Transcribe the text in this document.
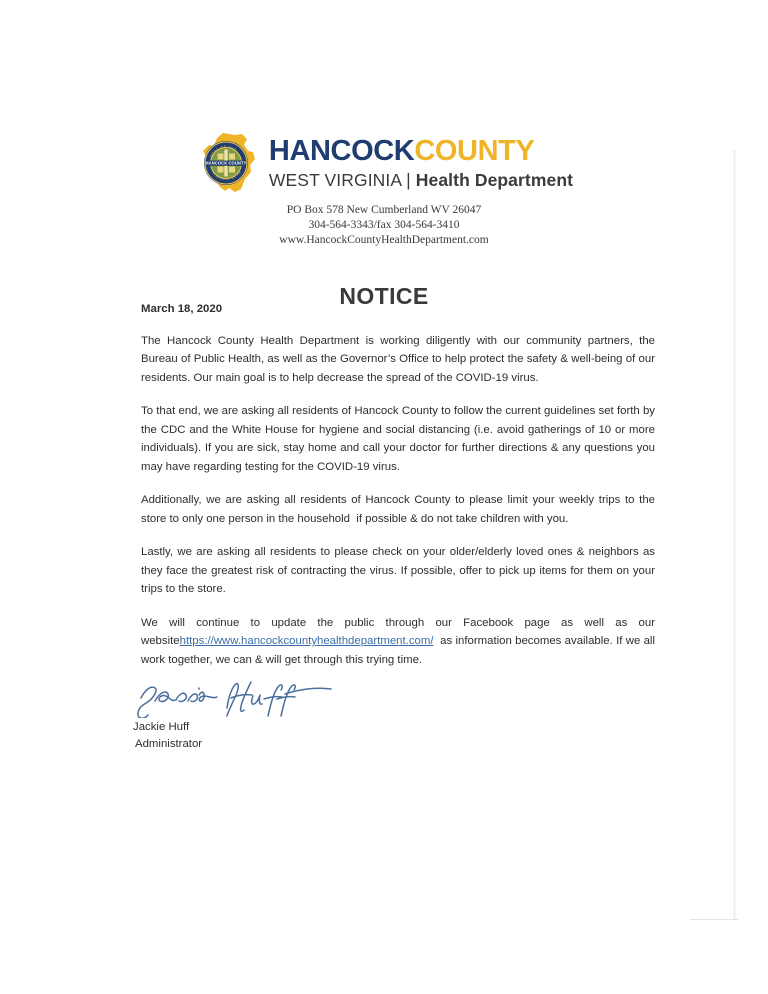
HANCOCK COUNTY
SEAL OF THE
WEST VIRGINIA
HANCOCKCOUNTY
WEST VIRGINIA | Health Department
PO Box 578 New Cumberland WV 26047
304-564-3343/fax 304-564-3410
www.HancockCountyHealthDepartment.com
NOTICE
March 18, 2020

The Hancock County Health Department is working diligently with our community partners, the Bureau of Public Health, as well as the Governor’s Office to help protect the safety & well-being of our residents. Our main goal is to help decrease the spread of the COVID-19 virus.

To that end, we are asking all residents of Hancock County to follow the current guidelines set forth by the CDC and the White House for hygiene and social distancing (i.e. avoid gatherings of 10 or more individuals). If you are sick, stay home and call your doctor for further directions & any questions you may have regarding testing for the COVID-19 virus.

Additionally, we are asking all residents of Hancock County to please limit your weekly trips to the store to only one person in the household  if possible & do not take children with you.

Lastly, we are asking all residents to please check on your older/elderly loved ones & neighbors as they face the greatest risk of contracting the virus. If possible, offer to pick up items for them on your trips to the store.

We will continue to update the public through our Facebook page as well as our websitehttps://www.hancockcountyhealthdepartment.com/  as information becomes available. If we all work together, we can & will get through this trying time.

Jackie Huff
Administrator
